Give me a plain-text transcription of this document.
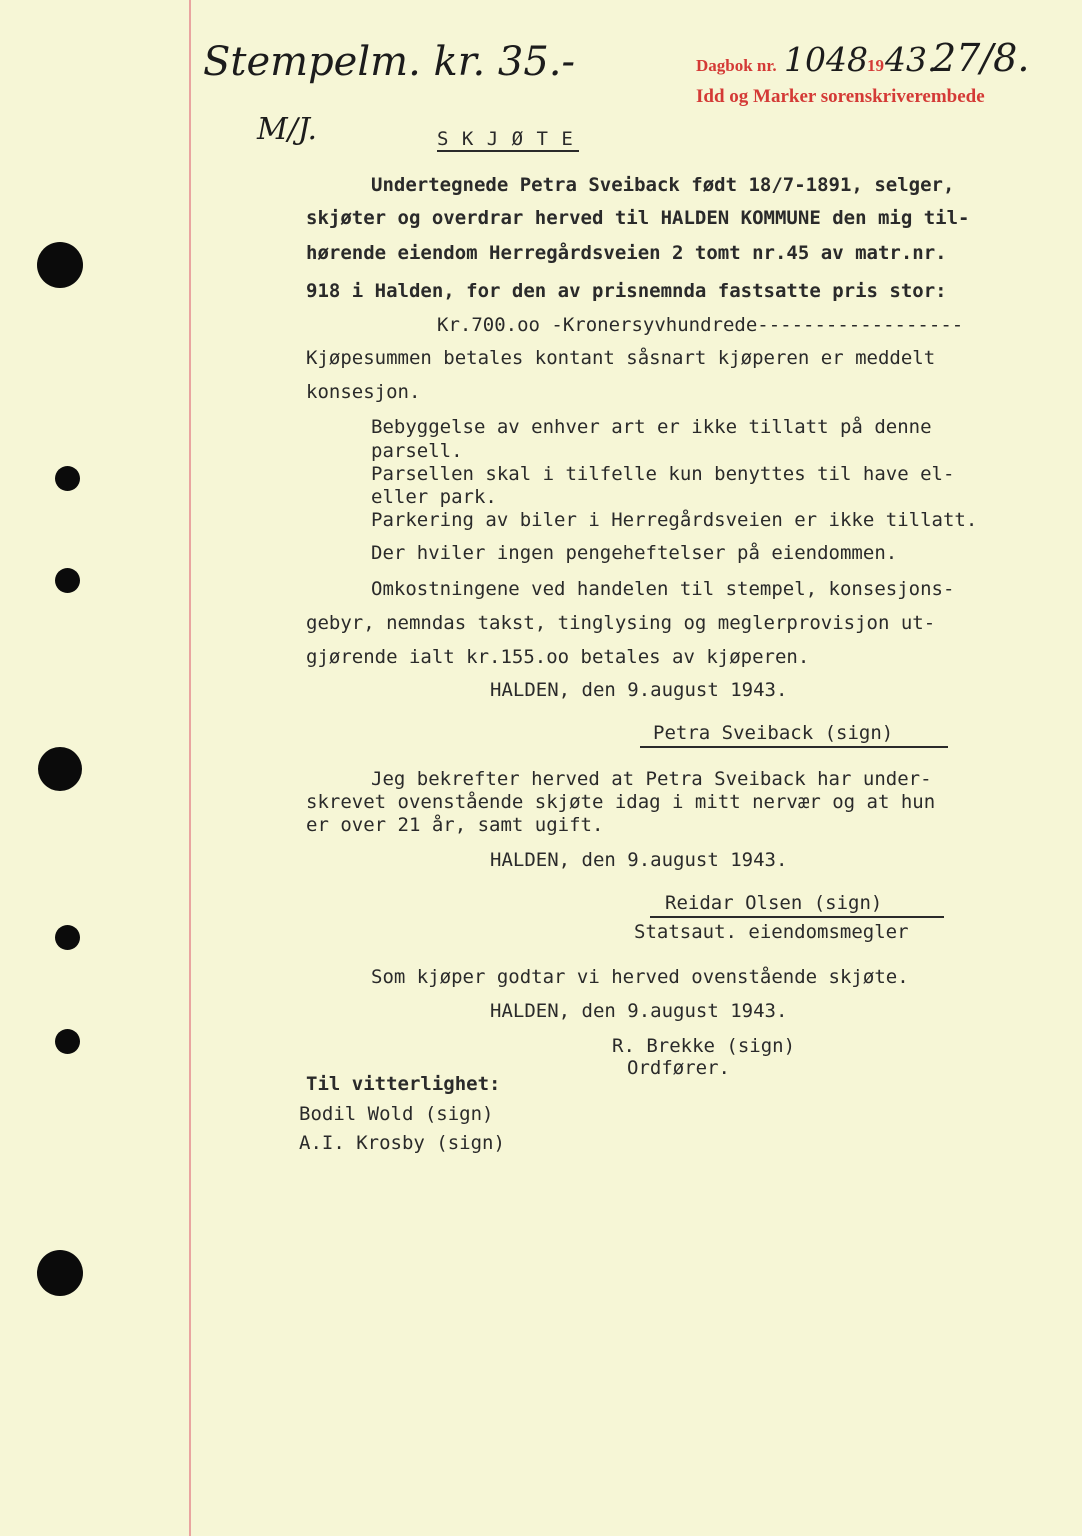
Stempelm. kr. 35.-
M/J.
Dagbok nr. 1048 19 43.
27/8.
Idd og Marker sorenskriverembede
S K J Ø T E
Undertegnede Petra Sveiback født 18/7-1891, selger,
skjøter og overdrar herved til HALDEN KOMMUNE den mig til-
hørende eiendom Herregårdsveien 2 tomt nr.45 av matr.nr.
918 i Halden, for den av prisnemnda fastsatte pris stor:
Kr.700.oo -Kronersyvhundrede------------------
Kjøpesummen betales kontant såsnart kjøperen er meddelt
konsesjon.
Bebyggelse av enhver art er ikke tillatt på denne
parsell.
Parsellen skal i tilfelle kun benyttes til have el-
eller park.
Parkering av biler i Herregårdsveien er ikke tillatt.
Der hviler ingen pengeheftelser på eiendommen.
Omkostningene ved handelen til stempel, konsesjons-
gebyr, nemndas takst, tinglysing og meglerprovisjon ut-
gjørende ialt kr.155.oo betales av kjøperen.
HALDEN, den 9.august 1943.
Petra Sveiback (sign)
Jeg bekrefter herved at Petra Sveiback har under-
skrevet ovenstående skjøte idag i mitt nervær og at hun
er over 21 år, samt ugift.
HALDEN, den 9.august 1943.
Reidar Olsen (sign)
Statsaut. eiendomsmegler
Som kjøper godtar vi herved ovenstående skjøte.
HALDEN, den 9.august 1943.
R. Brekke (sign)
Ordfører.
Til vitterlighet:
Bodil Wold (sign)
A.I. Krosby (sign)
